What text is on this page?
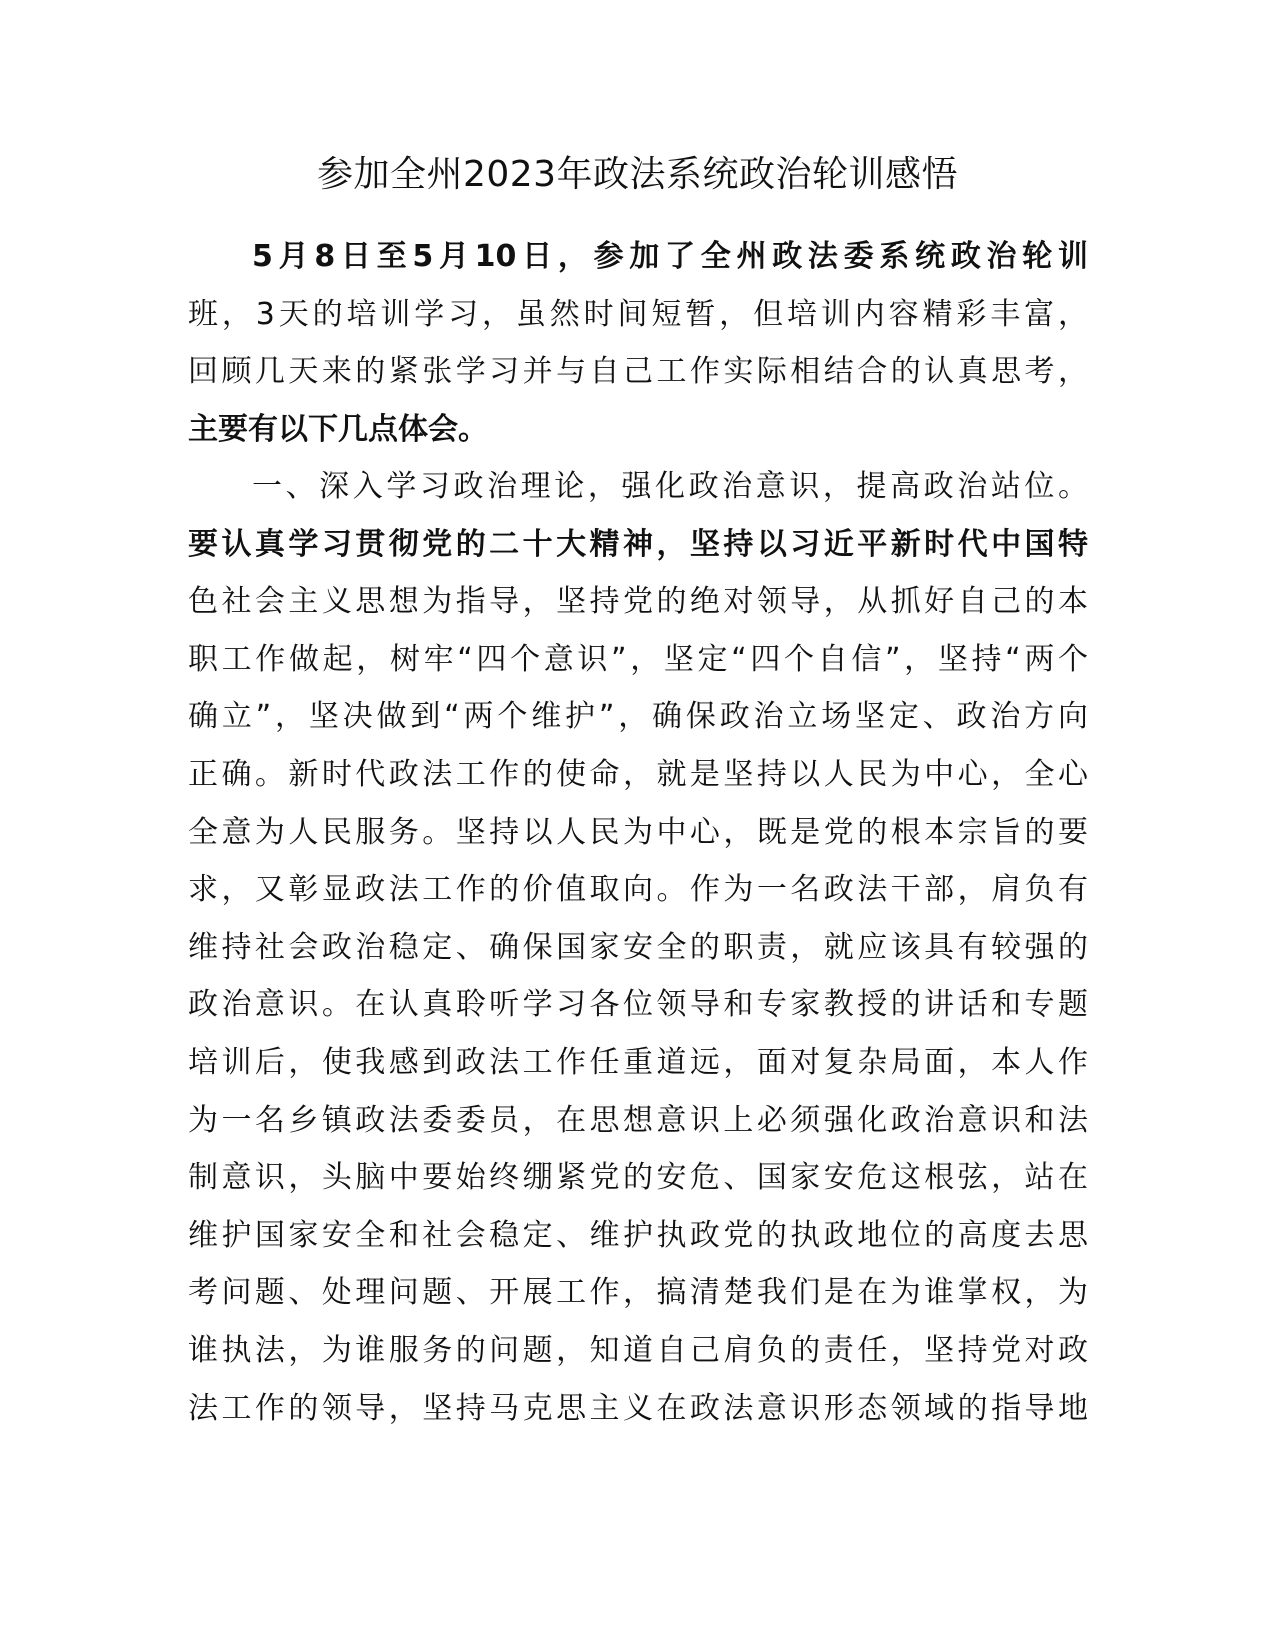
参加全州2023年政法系统政治轮训感悟
5月8日至5月10日，参加了全州政法委系统政治轮训
班，3天的培训学习，虽然时间短暂，但培训内容精彩丰富，
回顾几天来的紧张学习并与自己工作实际相结合的认真思考，
主要有以下几点体会。
一、深入学习政治理论，强化政治意识，提高政治站位。
要认真学习贯彻党的二十大精神，坚持以习近平新时代中国特
色社会主义思想为指导，坚持党的绝对领导，从抓好自己的本
职工作做起，树牢“四个意识”，坚定“四个自信”，坚持“两个
确立”，坚决做到“两个维护”，确保政治立场坚定、政治方向
正确。新时代政法工作的使命，就是坚持以人民为中心，全心
全意为人民服务。坚持以人民为中心，既是党的根本宗旨的要
求，又彰显政法工作的价值取向。作为一名政法干部，肩负有
维持社会政治稳定、确保国家安全的职责，就应该具有较强的
政治意识。在认真聆听学习各位领导和专家教授的讲话和专题
培训后，使我感到政法工作任重道远，面对复杂局面，本人作
为一名乡镇政法委委员，在思想意识上必须强化政治意识和法
制意识，头脑中要始终绷紧党的安危、国家安危这根弦，站在
维护国家安全和社会稳定、维护执政党的执政地位的高度去思
考问题、处理问题、开展工作，搞清楚我们是在为谁掌权，为
谁执法，为谁服务的问题，知道自己肩负的责任，坚持党对政
法工作的领导，坚持马克思主义在政法意识形态领域的指导地
